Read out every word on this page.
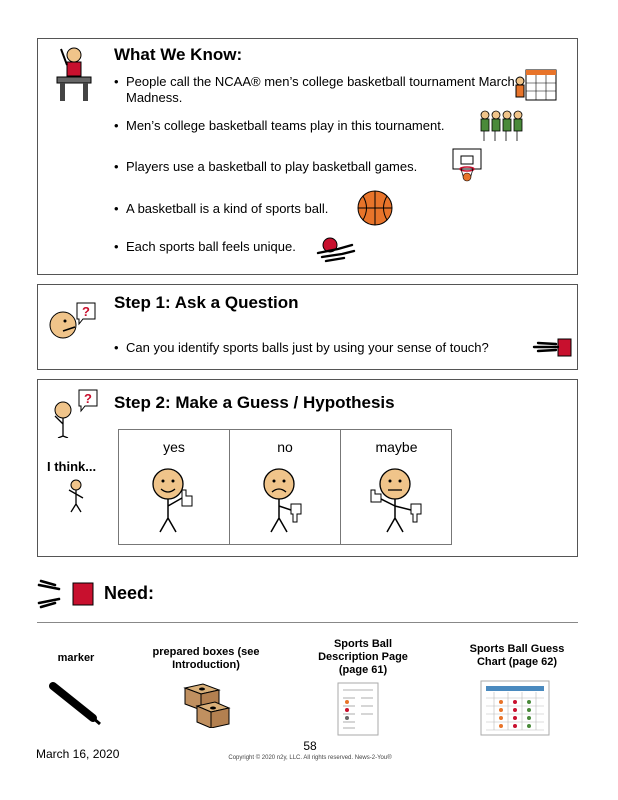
What We Know:
• People call the NCAA® men’s college basketball tournament March Madness.
• Men’s college basketball teams play in this tournament.
• Players use a basketball to play basketball games.
• A basketball is a kind of sports ball.
• Each sports ball feels unique.
? Step 1: Ask a Question
• Can you identify sports balls just by using your sense of touch?
? Step 2: Make a Guess / Hypothesis
I think...
yes	no	maybe
Need:
marker	prepared boxes (see Introduction)
Sports Ball Description Page (page 61)
Sports Ball Guess Chart (page 62)
March 16, 2020
58
Copyright © 2020 n2y, LLC. All rights reserved. News-2-You®
